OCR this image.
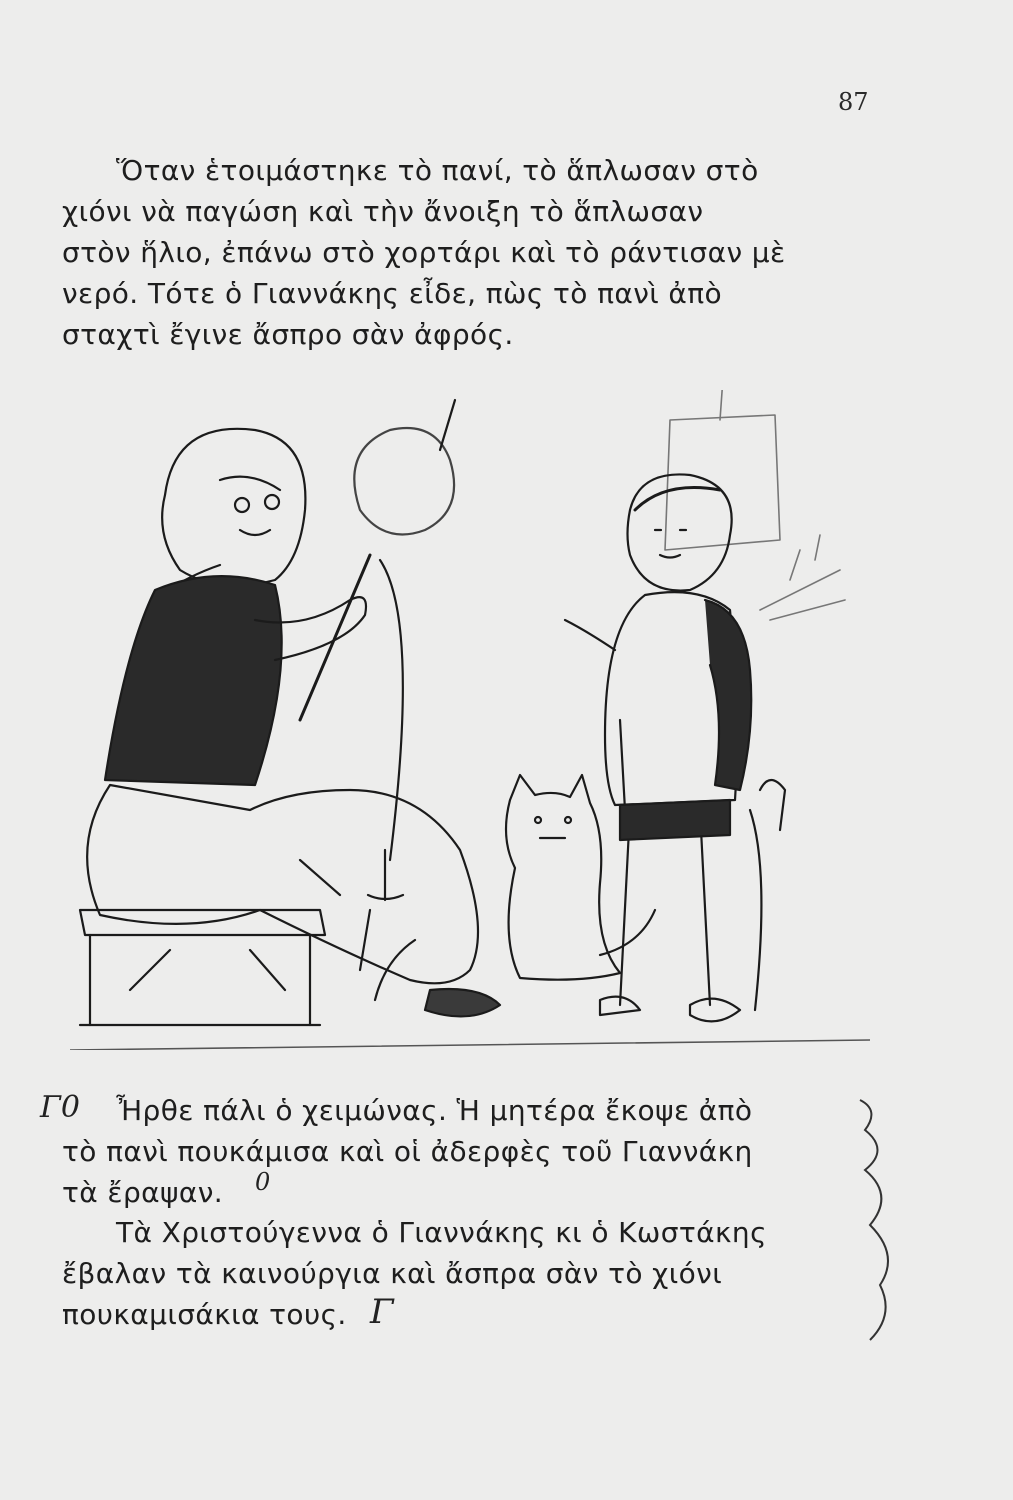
87

Ὅταν ἑτοιμάστηκε τὸ πανί, τὸ ἅπλωσαν στὸ
χιόνι νὰ παγώση καὶ τὴν ἄνοιξη τὸ ἅπλωσαν
στὸν ἥλιο, ἐπάνω στὸ χορτάρι καὶ τὸ ράντισαν μὲ
νερό. Τότε ὁ Γιαννάκης εἶδε, πὼς τὸ πανὶ ἀπὸ
σταχτὶ ἔγινε ἄσπρο σὰν ἀφρός.

Γ0	Ἦρθε πάλι ὁ χειμώνας. Ἡ μητέρα ἔκοψε ἀπὸ
τὸ πανὶ πουκάμισα καὶ οἱ ἀδερφὲς τοῦ Γιαννάκη
τὰ ἔραψαν.	0

Τὰ Χριστούγεννα ὁ Γιαννάκης κι ὁ Κωστάκης
ἔβαλαν τὰ καινούργια καὶ ἄσπρα σὰν τὸ χιόνι
πουκαμισάκια τους. Γ
